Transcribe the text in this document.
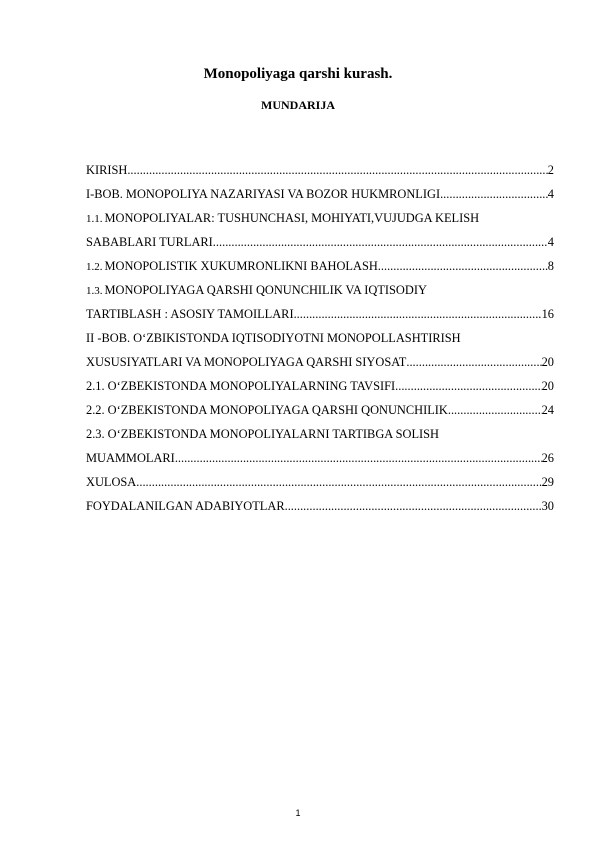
Monopoliyaga qarshi kurash.
MUNDARIJA
KIRISH .....	2
I-BOB. MONOPOLIYA NAZARIYASI VA BOZOR HUKMRONLIGI .....	4
1.1. MONOPOLIYALAR: TUSHUNCHASI, MOHIYATI,VUJUDGA KELISH
SABABLARI TURLARI .....	4
1.2. MONOPOLISTIK XUKUMRONLIKNI BAHOLASH .....	8
1.3. MONOPOLIYAGA QARSHI QONUNCHILIK VA IQTISODIY
TARTIBLASH : ASOSIY TAMOILLARI .....	16
II -BOB. O‘ZBIKISTONDA IQTISODIYOTNI MONOPOLLASHTIRISH
XUSUSIYATLARI VA MONOPOLIYAGA QARSHI SIYOSAT .....	20
2.1. O‘ZBEKISTONDA MONOPOLIYALARNING TAVSIFI .....	20
2.2. O‘ZBEKISTONDA MONOPOLIYAGA QARSHI QONUNCHILIK .....	24
2.3. O‘ZBEKISTONDA MONOPOLIYALARNI TARTIBGA SOLISH
MUAMMOLARI .....	26
XULOSA .....	29
FOYDALANILGAN ADABIYOTLAR .....	30
1
